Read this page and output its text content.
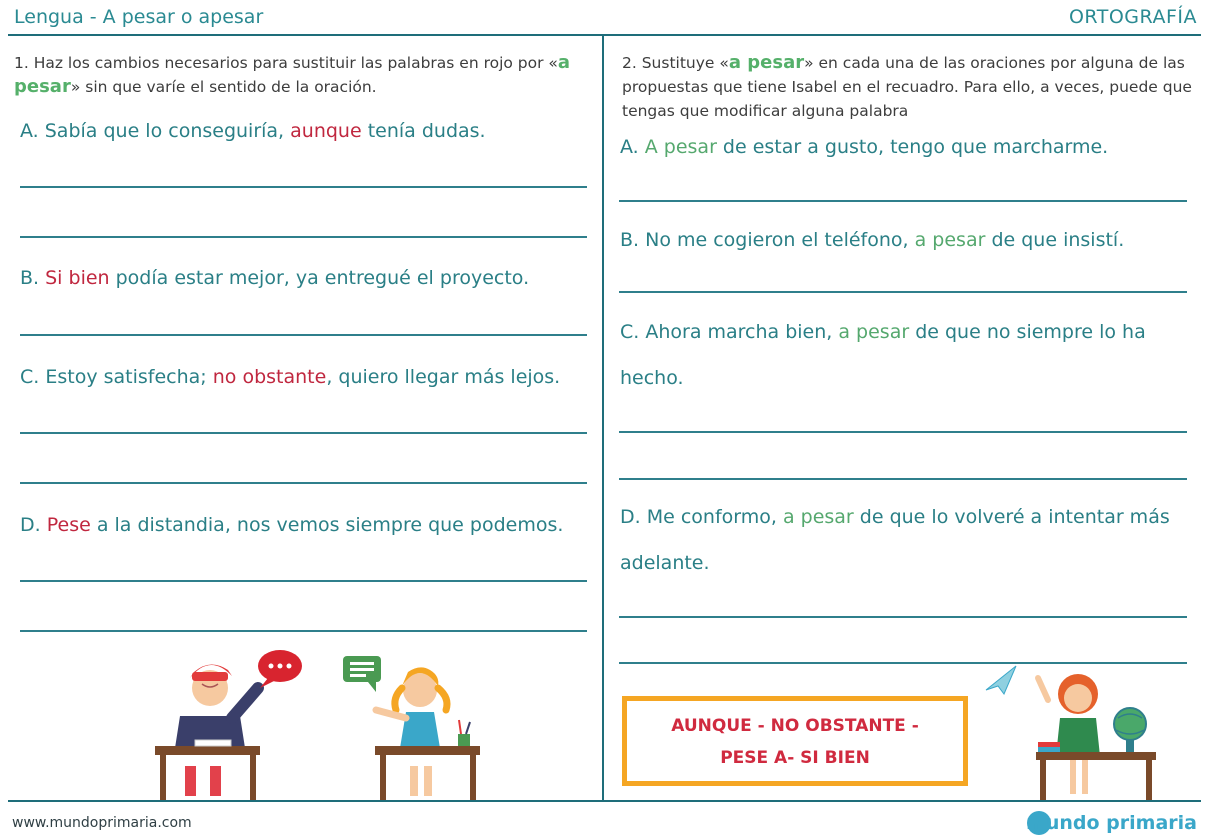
Lengua - A pesar o apesar	ORTOGRAFÍA
1. Haz los cambios necesarios para sustituir las palabras en rojo por «a pesar» sin que varíe el sentido de la oración.
A. Sabía que lo conseguiría, aunque tenía dudas.
B. Si bien podía estar mejor, ya entregué el proyecto.
C. Estoy satisfecha; no obstante, quiero llegar más lejos.
D. Pese a la distandia, nos vemos siempre que podemos.
2. Sustituye «a pesar» en cada una de las oraciones por alguna de las propuestas que tiene Isabel en el recuadro. Para ello, a veces, puede que tengas que modificar alguna palabra
A. A pesar de estar a gusto, tengo que marcharme.
B. No me cogieron el teléfono, a pesar de que insistí.
C. Ahora marcha bien, a pesar de que no siempre lo ha
hecho.
D. Me conformo, a pesar de que lo volveré a intentar más
adelante.
AUNQUE - NO OBSTANTE -
PESE A- SI BIEN
www.mundoprimaria.com	mundo primaria
